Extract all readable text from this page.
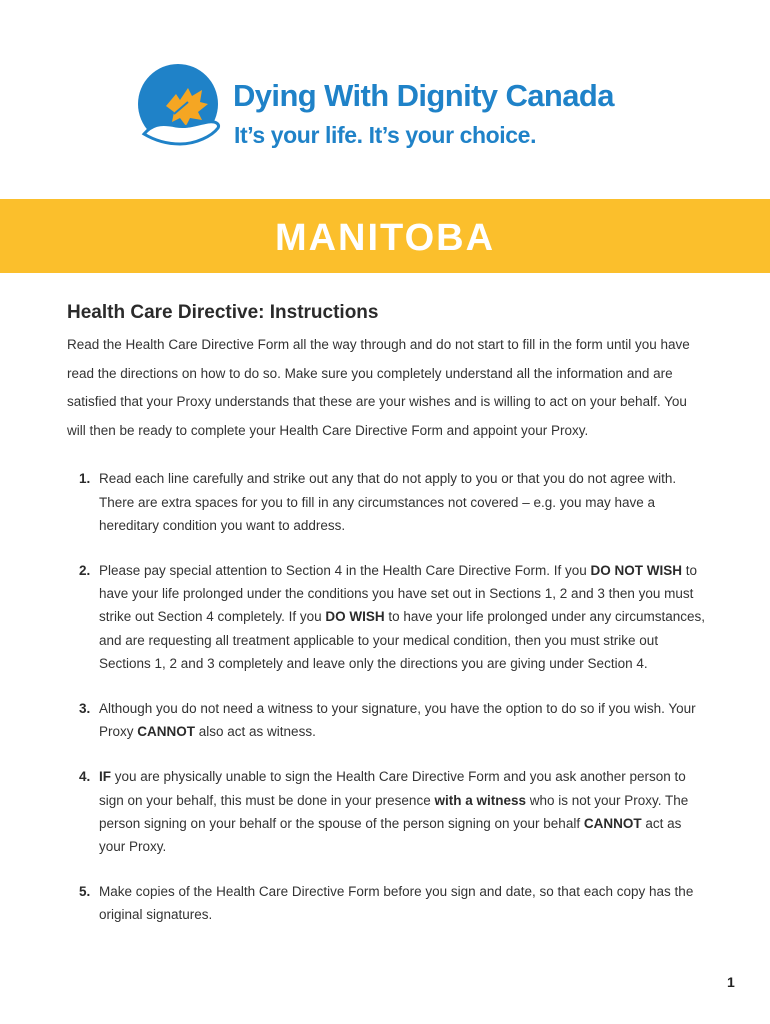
Dying With Dignity Canada
It’s your life. It’s your choice.
MANITOBA
Health Care Directive: Instructions

Read the Health Care Directive Form all the way through and do not start to fill in the form until you have read the directions on how to do so. Make sure you completely understand all the information and are satisfied that your Proxy understands that these are your wishes and is willing to act on your behalf. You will then be ready to complete your Health Care Directive Form and appoint your Proxy.

1. Read each line carefully and strike out any that do not apply to you or that you do not agree with. There are extra spaces for you to fill in any circumstances not covered – e.g. you may have a hereditary condition you want to address.
2. Please pay special attention to Section 4 in the Health Care Directive Form. If you DO NOT WISH to have your life prolonged under the conditions you have set out in Sections 1, 2 and 3 then you must strike out Section 4 completely. If you DO WISH to have your life prolonged under any circumstances, and are requesting all treatment applicable to your medical condition, then you must strike out Sections 1, 2 and 3 completely and leave only the directions you are giving under Section 4.
3. Although you do not need a witness to your signature, you have the option to do so if you wish. Your Proxy CANNOT also act as witness.
4. IF you are physically unable to sign the Health Care Directive Form and you ask another person to sign on your behalf, this must be done in your presence with a witness who is not your Proxy. The person signing on your behalf or the spouse of the person signing on your behalf CANNOT act as your Proxy.
5. Make copies of the Health Care Directive Form before you sign and date, so that each copy has the original signatures.
1
